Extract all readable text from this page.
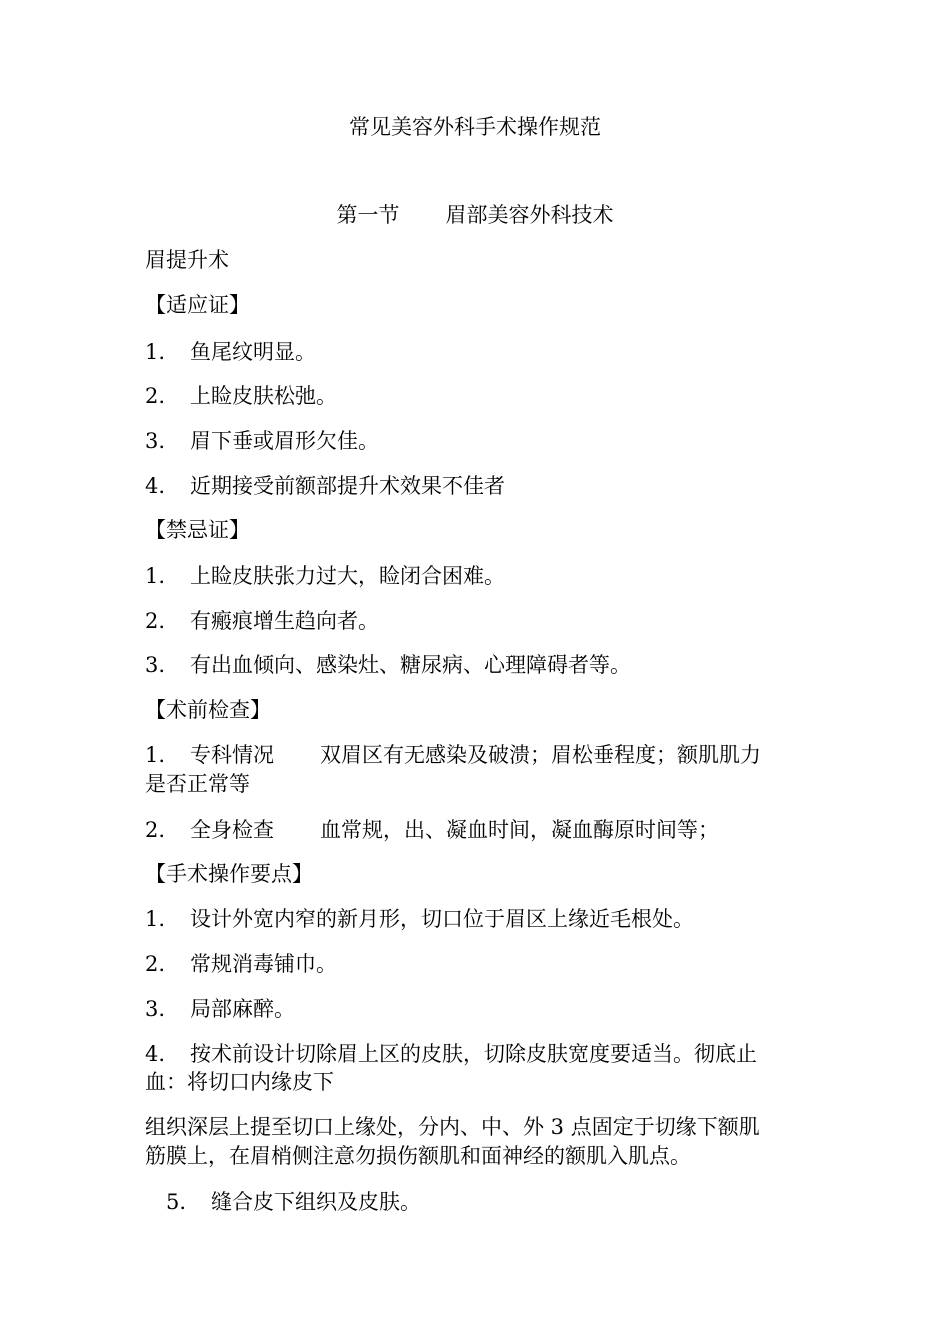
常见美容外科手术操作规范
第一节 眉部美容外科技术
眉提升术
【适应证】
1. 鱼尾纹明显。
2. 上睑皮肤松弛。
3. 眉下垂或眉形欠佳。
4. 近期接受前额部提升术效果不佳者
【禁忌证】
1. 上睑皮肤张力过大，睑闭合困难。
2. 有瘢痕增生趋向者。
3. 有出血倾向、感染灶、糖尿病、心理障碍者等。
【术前检查】
1. 专科情况 双眉区有无感染及破溃；眉松垂程度；额肌肌力
是否正常等
2. 全身检查 血常规，出、凝血时间，凝血酶原时间等；
【手术操作要点】
1. 设计外宽内窄的新月形，切口位于眉区上缘近毛根处。
2. 常规消毒铺巾。
3. 局部麻醉。
4. 按术前设计切除眉上区的皮肤，切除皮肤宽度要适当。彻底止
血：将切口内缘皮下
组织深层上提至切口上缘处，分内、中、外 3 点固定于切缘下额肌
筋膜上，在眉梢侧注意勿损伤额肌和面神经的额肌入肌点。
5. 缝合皮下组织及皮肤。
